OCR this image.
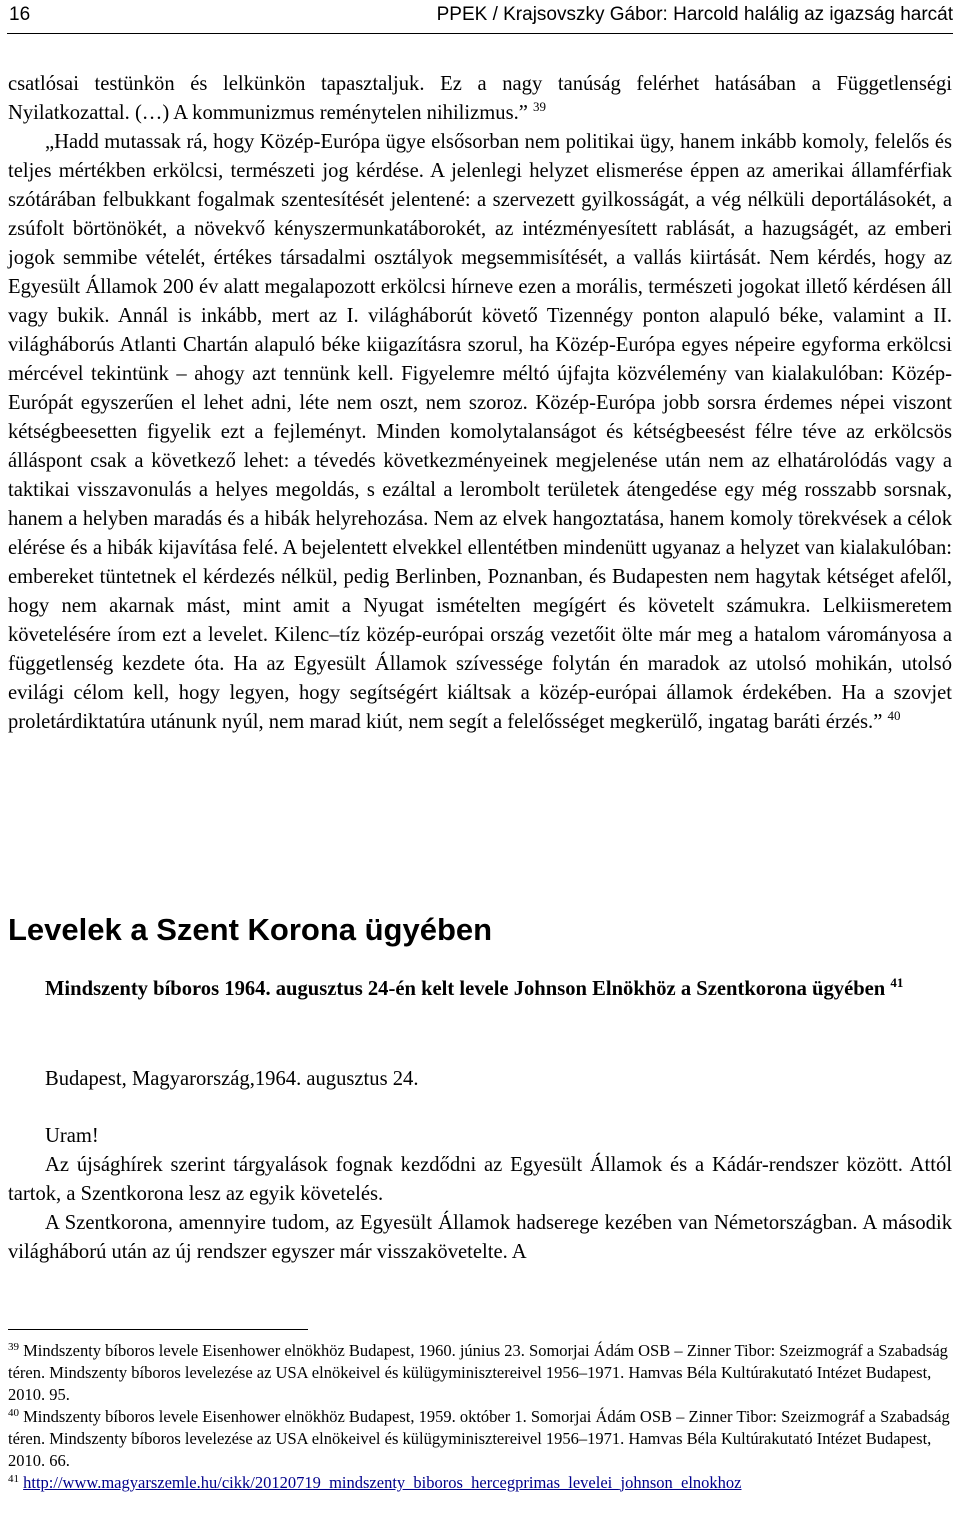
16	PPEK / Krajsovszky Gábor: Harcold halálig az igazság harcát

csatlósai testünkön és lelkünkön tapasztaljuk. Ez a nagy tanúság felérhet hatásában a Függetlenségi Nyilatkozattal. (…) A kommunizmus reménytelen nihilizmus.” $^{39}$

„Hadd mutassak rá, hogy Közép-Európa ügye elsősorban nem politikai ügy, hanem inkább komoly, felelős és teljes mértékben erkölcsi, természeti jog kérdése. A jelenlegi helyzet elismerése éppen az amerikai államférfiak szótárában felbukkant fogalmak szentesítését jelentené: a szervezett gyilkosságát, a vég nélküli deportálásokét, a zsúfolt börtönökét, a növekvő kényszermunkatáborokét, az intézményesített rablását, a hazugságét, az emberi jogok semmibe vételét, értékes társadalmi osztályok megsemmisítését, a vallás kiirtását. Nem kérdés, hogy az Egyesült Államok 200 év alatt megalapozott erkölcsi hírneve ezen a morális, természeti jogokat illető kérdésen áll vagy bukik. Annál is inkább, mert az I. világháborút követő Tizennégy ponton alapuló béke, valamint a II. világháborús Atlanti Chartán alapuló béke kiigazításra szorul, ha Közép-Európa egyes népeire egyforma erkölcsi mércével tekintünk – ahogy azt tennünk kell. Figyelemre méltó újfajta közvélemény van kialakulóban: Közép-Európát egyszerűen el lehet adni, léte nem oszt, nem szoroz. Közép-Európa jobb sorsra érdemes népei viszont kétségbeesetten figyelik ezt a fejleményt. Minden komolytalanságot és kétségbeesést félre téve az erkölcsös álláspont csak a következő lehet: a tévedés következményeinek megjelenése után nem az elhatárolódás vagy a taktikai visszavonulás a helyes megoldás, s ezáltal a lerombolt területek átengedése egy még rosszabb sorsnak, hanem a helyben maradás és a hibák helyrehozása. Nem az elvek hangoztatása, hanem komoly törekvések a célok elérése és a hibák kijavítása felé. A bejelentett elvekkel ellentétben mindenütt ugyanaz a helyzet van kialakulóban: embereket tüntetnek el kérdezés nélkül, pedig Berlinben, Poznanban, és Budapesten nem hagytak kétséget afelől, hogy nem akarnak mást, mint amit a Nyugat ismételten megígért és követelt számukra. Lelkiismeretem követelésére írom ezt a levelet. Kilenc–tíz közép-európai ország vezetőit ölte már meg a hatalom várományosa a függetlenség kezdete óta. Ha az Egyesült Államok szívessége folytán én maradok az utolsó mohikán, utolsó evilági célom kell, hogy legyen, hogy segítségért kiáltsak a közép-európai államok érdekében. Ha a szovjet proletárdiktatúra utánunk nyúl, nem marad kiút, nem segít a felelősséget megkerülő, ingatag baráti érzés.” $^{40}$

Levelek a Szent Korona ügyében

Mindszenty bíboros 1964. augusztus 24-én kelt levele Johnson Elnökhöz a Szentkorona ügyében $^{41}$

Budapest, Magyarország,1964. augusztus 24.

Uram!

Az újsághírek szerint tárgyalások fognak kezdődni az Egyesült Államok és a Kádár-rendszer között. Attól tartok, a Szentkorona lesz az egyik követelés.

A Szentkorona, amennyire tudom, az Egyesült Államok hadserege kezében van Németországban. A második világháború után az új rendszer egyszer már visszakövetelte. A

$^{39}$ Mindszenty bíboros levele Eisenhower elnökhöz Budapest, 1960. június 23. Somorjai Ádám OSB – Zinner Tibor: Szeizmográf a Szabadság téren. Mindszenty bíboros levelezése az USA elnökeivel és külügyminisztereivel 1956–1971. Hamvas Béla Kultúrakutató Intézet Budapest, 2010. 95.

$^{40}$ Mindszenty bíboros levele Eisenhower elnökhöz Budapest, 1959. október 1. Somorjai Ádám OSB – Zinner Tibor: Szeizmográf a Szabadság téren. Mindszenty bíboros levelezése az USA elnökeivel és külügyminisztereivel 1956–1971. Hamvas Béla Kultúrakutató Intézet Budapest, 2010. 66.

$^{41}$ http://www.magyarszemle.hu/cikk/20120719_mindszenty_biboros_hercegprimas_levelei_johnson_elnokhoz
